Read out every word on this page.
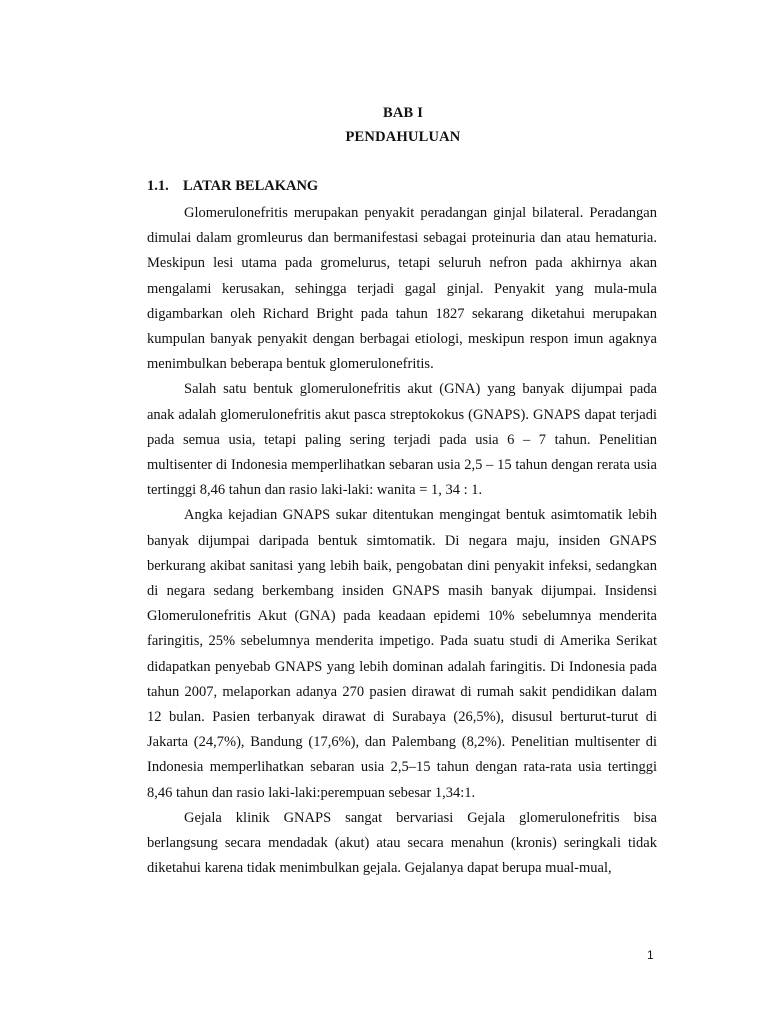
BAB I
PENDAHULUAN
1.1. LATAR BELAKANG

Glomerulonefritis merupakan penyakit peradangan ginjal bilateral. Peradangan dimulai dalam gromleurus dan bermanifestasi sebagai proteinuria dan atau hematuria. Meskipun lesi utama pada gromelurus, tetapi seluruh nefron pada akhirnya akan mengalami kerusakan, sehingga terjadi gagal ginjal. Penyakit yang mula-mula digambarkan oleh Richard Bright pada tahun 1827 sekarang diketahui merupakan kumpulan banyak penyakit dengan berbagai etiologi, meskipun respon imun agaknya menimbulkan beberapa bentuk glomerulonefritis.

Salah satu bentuk glomerulonefritis akut (GNA) yang banyak dijumpai pada anak adalah glomerulonefritis akut pasca streptokokus (GNAPS). GNAPS dapat terjadi pada semua usia, tetapi paling sering terjadi pada usia 6 – 7 tahun. Penelitian multisenter di Indonesia memperlihatkan sebaran usia 2,5 – 15 tahun dengan rerata usia tertinggi 8,46 tahun dan rasio laki-laki: wanita = 1, 34 : 1.

Angka kejadian GNAPS sukar ditentukan mengingat bentuk asimtomatik lebih banyak dijumpai daripada bentuk simtomatik. Di negara maju, insiden GNAPS berkurang akibat sanitasi yang lebih baik, pengobatan dini penyakit infeksi, sedangkan di negara sedang berkembang insiden GNAPS masih banyak dijumpai. Insidensi Glomerulonefritis Akut (GNA) pada keadaan epidemi 10% sebelumnya menderita faringitis, 25% sebelumnya menderita impetigo. Pada suatu studi di Amerika Serikat didapatkan penyebab GNAPS yang lebih dominan adalah faringitis. Di Indonesia pada tahun 2007, melaporkan adanya 270 pasien dirawat di rumah sakit pendidikan dalam 12 bulan. Pasien terbanyak dirawat di Surabaya (26,5%), disusul berturut-turut di Jakarta (24,7%), Bandung (17,6%), dan Palembang (8,2%). Penelitian multisenter di Indonesia memperlihatkan sebaran usia 2,5–15 tahun dengan rata-rata usia tertinggi 8,46 tahun dan rasio laki-laki:perempuan sebesar 1,34:1.

Gejala klinik GNAPS sangat bervariasi Gejala glomerulonefritis bisa berlangsung secara mendadak (akut) atau secara menahun (kronis) seringkali tidak diketahui karena tidak menimbulkan gejala. Gejalanya dapat berupa mual-mual,

1
